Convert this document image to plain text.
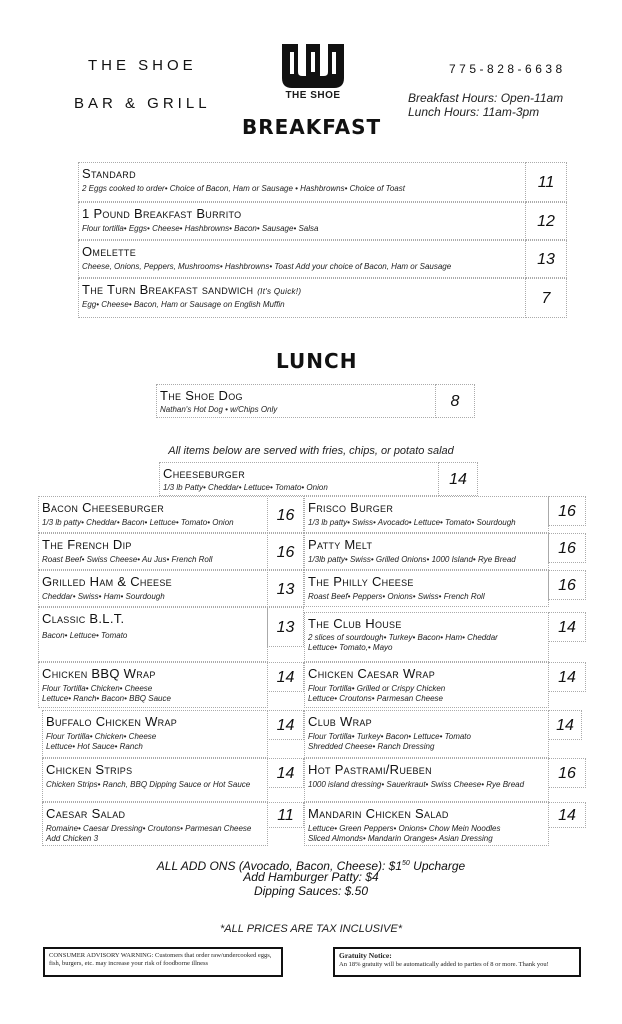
THE SHOE
BAR & GRILL	THE SHOE
775-828-6638
Breakfast Hours: Open-11am
Lunch Hours: 11am-3pm
BREAKFAST
Standard
2 Eggs cooked to order• Choice of Bacon, Ham or Sausage • Hashbrowns• Choice of Toast	11
1 Pound Breakfast Burrito
Flour tortilla• Eggs• Cheese• Hashbrowns• Bacon• Sausage• Salsa	12
Omelette
Cheese, Onions, Peppers, Mushrooms• Hashbrowns• Toast Add your choice of Bacon, Ham or Sausage	13
The Turn Breakfast sandwich (It's Quick!)
Egg• Cheese• Bacon, Ham or Sausage on English Muffin	7
LUNCH
The Shoe Dog
Nathan's Hot Dog • w/Chips Only	8
All items below are served with fries, chips, or potato salad
Cheeseburger
1/3 lb Patty• Cheddar• Lettuce• Tomato• Onion	14
Bacon Cheeseburger
1/3 lb patty• Cheddar• Bacon• Lettuce• Tomato• Onion	16
The French Dip
Roast Beef• Swiss Cheese• Au Jus• French Roll	16
Grilled Ham & Cheese
Cheddar• Swiss• Ham• Sourdough	13
Classic B.L.T.
Bacon• Lettuce• Tomato	13
Chicken BBQ Wrap
Flour Tortilla• Chicken• Cheese
Lettuce• Ranch• Bacon• BBQ Sauce
14
Buffalo Chicken Wrap
Flour Tortilla• Chicken• Cheese
Lettuce• Hot Sauce• Ranch
14
Chicken Strips
Chicken Strips• Ranch, BBQ Dipping Sauce or Hot Sauce
14
Caesar Salad
Romaine• Caesar Dressing• Croutons• Parmesan Cheese
Add Chicken 3
11
Frisco Burger
1/3 lb patty• Swiss• Avocado• Lettuce• Tomato• Sourdough
16
Patty Melt
1/3lb patty• Swiss• Grilled Onions• 1000 Island• Rye Bread
16
The Philly Cheese
Roast Beef• Peppers• Onions• Swiss• French Roll
16
The Club House
2 slices of sourdough• Turkey• Bacon• Ham• Cheddar
Lettuce• Tomato,• Mayo
14
Chicken Caesar Wrap
Flour Tortilla• Grilled or Crispy Chicken
Lettuce• Croutons• Parmesan Cheese
14
Club Wrap
Flour Tortilla• Turkey• Bacon• Lettuce• Tomato
Shredded Cheese• Ranch Dressing
14
Hot Pastrami/Rueben
1000 island dressing• Sauerkraut• Swiss Cheese• Rye Bread
16
Mandarin Chicken Salad
Lettuce• Green Peppers• Onions• Chow Mein Noodles
Sliced Almonds• Mandarin Oranges• Asian Dressing
14
ALL ADD ONS (Avocado, Bacon, Cheese): $\$1^{50}$ Upcharge
Add Hamburger Patty: $4
Dipping Sauces: $.50
*ALL PRICES ARE TAX INCLUSIVE*
CONSUMER ADVISORY WARNING: Customers that order raw/undercooked eggs, fish, burgers, etc. may increase your risk of foodborne illness
Gratuity Notice:
An 18% gratuity will be automatically added to parties of 8 or more. Thank you!
